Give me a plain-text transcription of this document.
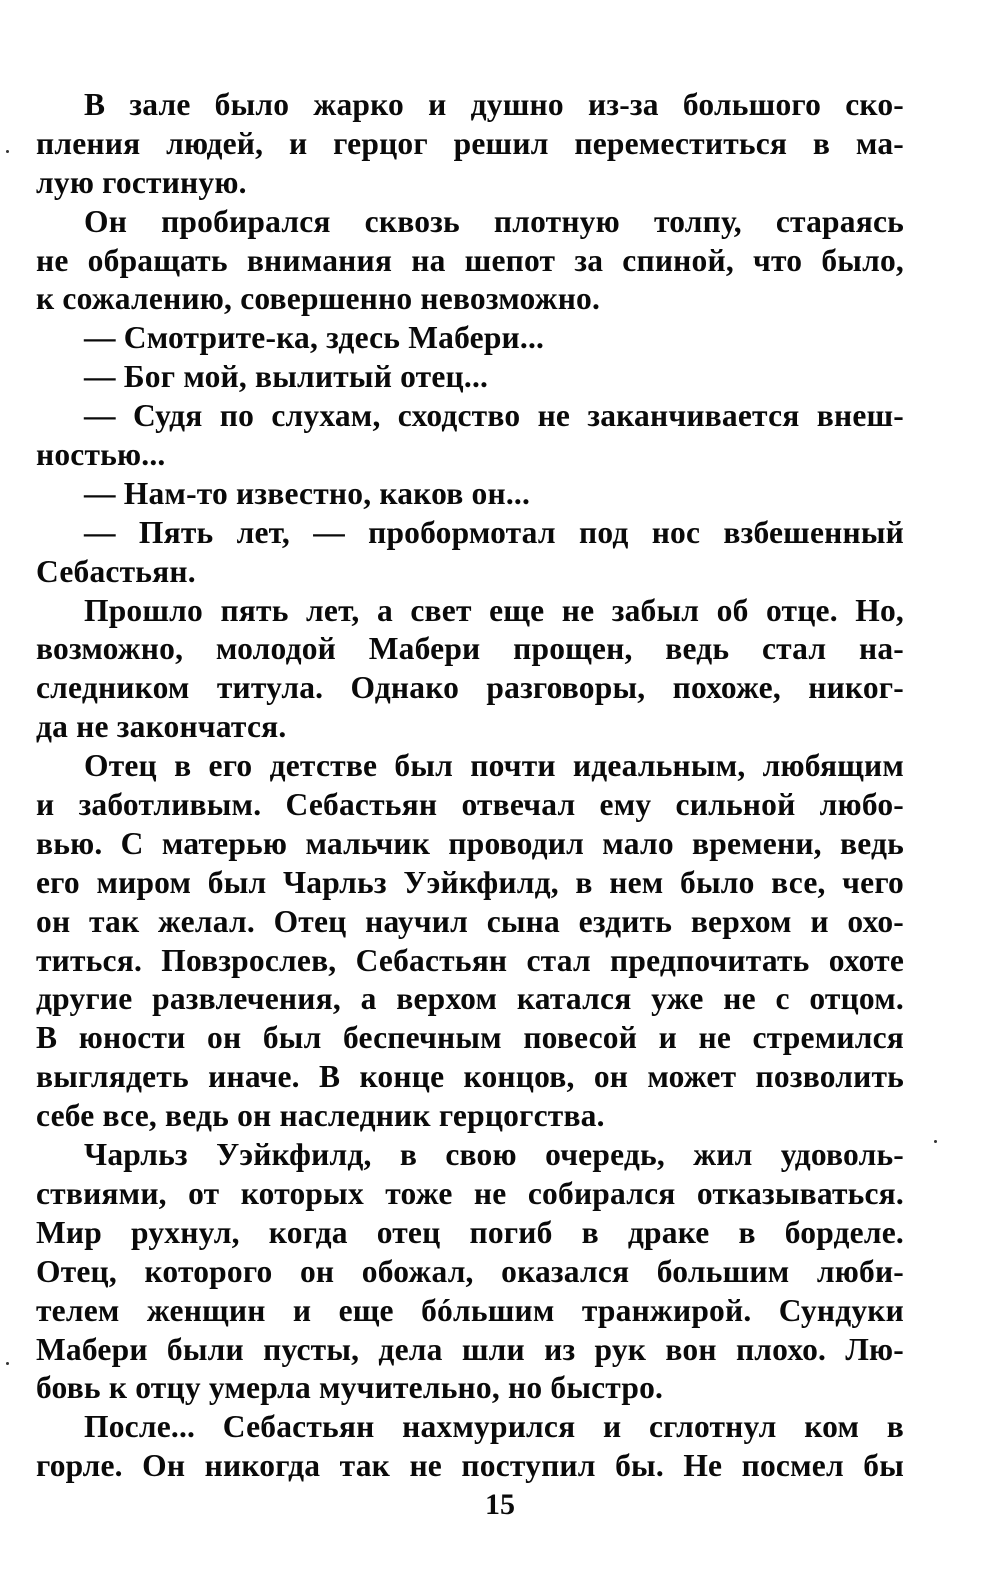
В зале было жарко и душно из-за большого ско-
пления людей, и герцог решил переместиться в ма-
лую гостиную.
Он пробирался сквозь плотную толпу, стараясь
не обращать внимания на шепот за спиной, что было,
к сожалению, совершенно невозможно.
— Смотрите-ка, здесь Мабери...
— Бог мой, вылитый отец...
— Судя по слухам, сходство не заканчивается внеш-
ностью...
— Нам-то известно, каков он...
— Пять лет, — пробормотал под нос взбешенный
Себастьян.
Прошло пять лет, а свет еще не забыл об отце. Но,
возможно, молодой Мабери прощен, ведь стал на-
следником титула. Однако разговоры, похоже, никог-
да не закончатся.
Отец в его детстве был почти идеальным, любящим
и заботливым. Себастьян отвечал ему сильной любо-
вью. С матерью мальчик проводил мало времени, ведь
его миром был Чарльз Уэйкфилд, в нем было все, чего
он так желал. Отец научил сына ездить верхом и охо-
титься. Повзрослев, Себастьян стал предпочитать охоте
другие развлечения, а верхом катался уже не с отцом.
В юности он был беспечным повесой и не стремился
выглядеть иначе. В конце концов, он может позволить
себе все, ведь он наследник герцогства.
Чарльз Уэйкфилд, в свою очередь, жил удоволь-
ствиями, от которых тоже не собирался отказываться.
Мир рухнул, когда отец погиб в драке в борделе.
Отец, которого он обожал, оказался большим люби-
телем женщин и еще бóльшим транжирой. Сундуки
Мабери были пусты, дела шли из рук вон плохо. Лю-
бовь к отцу умерла мучительно, но быстро.
После... Себастьян нахмурился и сглотнул ком в
горле. Он никогда так не поступил бы. Не посмел бы
15
